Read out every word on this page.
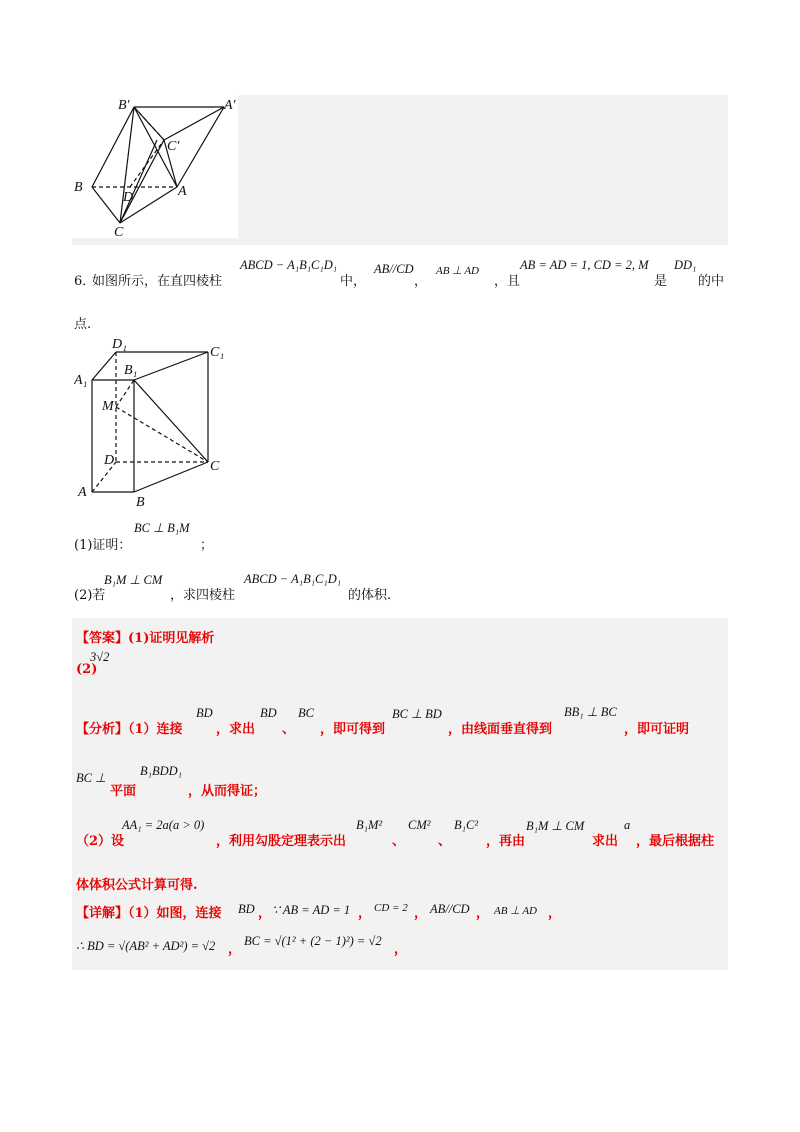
B′	A′
C′
B
D	A
C
6．
如图所示，在直四棱柱
ABCD − A₁B₁C₁D₁
中，
AB//CD
，
AB ⊥ AD
，且
AB = AD = 1, CD = 2, M
是
DD₁
的中
点.
D₁
C₁
A₁
B₁
M
D	C
A
B
(1)证明：
BC ⊥ B₁M
；
(2)若
B₁M ⊥ CM
，求四棱柱
ABCD − A₁B₁C₁D₁
的体积.
【答案】(1)证明见解析
(2)
3√2
【分析】（1）连接
BD
，求出
BD
、
BC
，即可得到
BC ⊥ BD
，由线面垂直得到
BB₁ ⊥ BC
，即可证明
BC ⊥
平面
B₁BDD₁
，从而得证；
（2）设
AA₁ = 2a(a > 0)
，利用勾股定理表示出
B₁M²
、
CM²
、
B₁C²
，再由
B₁M ⊥ CM
求出
a
，最后根据柱
体体积公式计算可得.
【详解】（1）如图，连接 BD ， ∵ AB = AD = 1 ， CD = 2 ， AB//CD ， AB ⊥ AD ，
∴ BD = √(AB² + AD²) = √2 ，
BC = √(1² + (2 − 1)²) = √2
，
